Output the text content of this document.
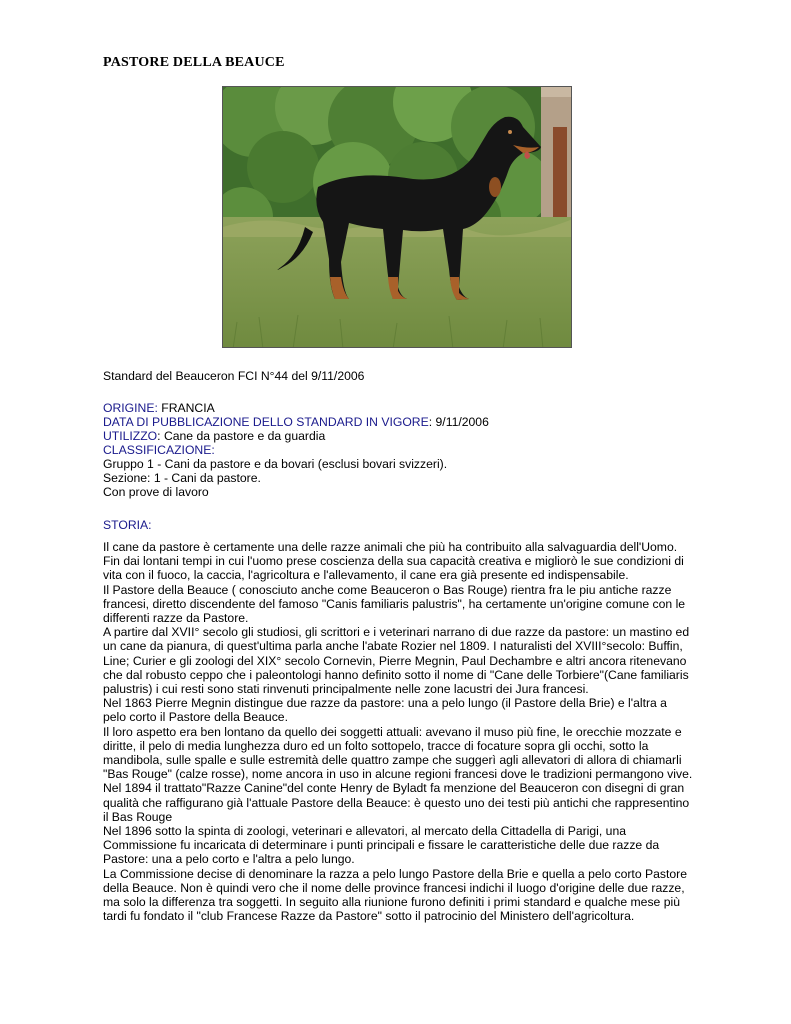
PASTORE DELLA BEAUCE

Standard del Beauceron FCI N°44 del 9/11/2006

ORIGINE: FRANCIA

DATA DI PUBBLICAZIONE DELLO STANDARD IN VIGORE: 9/11/2006

UTILIZZO: Cane da pastore e da guardia

CLASSIFICAZIONE:

Gruppo 1 - Cani da pastore e da bovari (esclusi bovari svizzeri).

Sezione: 1 - Cani da pastore.

Con prove di lavoro

STORIA:

Il cane da pastore è certamente una delle razze animali che più ha contribuito alla salvaguardia dell'Uomo. Fin dai lontani tempi in cui l'uomo prese coscienza della sua capacità creativa e migliorò le sue condizioni di vita con il fuoco, la caccia, l'agricoltura e l'allevamento, il cane era già presente ed indispensabile.

Il Pastore della Beauce ( conosciuto anche come Beauceron o Bas Rouge) rientra fra le piu antiche razze francesi, diretto discendente del famoso "Canis familiaris palustris", ha certamente un'origine comune con le differenti razze da Pastore.

A partire dal XVII° secolo gli studiosi, gli scrittori e i veterinari narrano di due razze da pastore: un mastino ed un cane da pianura, di quest'ultima parla anche l'abate Rozier nel 1809. I naturalisti del XVIII°secolo: Buffin, Line; Curier e gli zoologi del XIX° secolo Cornevin, Pierre Megnin, Paul Dechambre e altri ancora ritenevano che dal robusto ceppo che i paleontologi hanno definito sotto il nome di "Cane delle Torbiere"(Cane familiaris palustris) i cui resti sono stati rinvenuti principalmente nelle zone lacustri dei Jura francesi.

Nel 1863 Pierre Megnin distingue due razze da pastore: una a pelo lungo (il Pastore della Brie) e l'altra a pelo corto il Pastore della Beauce.

Il loro aspetto era ben lontano da quello dei soggetti attuali: avevano il muso più fine, le orecchie mozzate e diritte, il pelo di media lunghezza duro ed un folto sottopelo, tracce di focature sopra gli occhi, sotto la mandibola, sulle spalle e sulle estremità delle quattro zampe che suggerì agli allevatori di allora di chiamarli "Bas Rouge" (calze rosse), nome ancora in uso in alcune regioni francesi dove le tradizioni permangono vive.

Nel 1894 il trattato"Razze Canine"del conte Henry de Byladt fa menzione del Beauceron con disegni di gran qualità che raffigurano già l'attuale Pastore della Beauce: è questo uno dei testi più antichi che rappresentino il Bas Rouge

Nel 1896 sotto la spinta di zoologi, veterinari e allevatori, al mercato della Cittadella di Parigi, una Commissione fu incaricata di determinare i punti principali e fissare le caratteristiche delle due razze da Pastore: una a pelo corto e l'altra a pelo lungo.

La Commissione decise di denominare la razza a pelo lungo Pastore della Brie e quella a pelo corto Pastore della Beauce. Non è quindi vero che il nome delle province francesi indichi il luogo d'origine delle due razze, ma solo la differenza tra soggetti. In seguito alla riunione furono definiti i primi standard e qualche mese più tardi fu fondato il "club Francese Razze da Pastore" sotto il patrocinio del Ministero dell'agricoltura.
